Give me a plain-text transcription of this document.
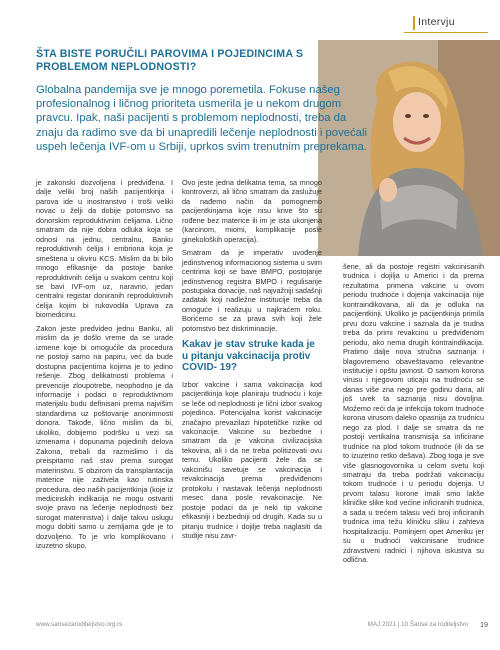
Intervju
ŠTA BISTE PORUČILI PAROVIMA I POJEDINCIMA S PROBLEMOM NEPLODNOSTI?
Globalna pandemija sve je mnogo poremetila. Fokuse našeg profesionalnog i ličnog prioriteta usmerila je u nekom drugom pravcu. Ipak, naši pacijenti s problemom neplodnosti, treba da znaju da radimo sve da bi unapredili lečenje neplodnosti i povećali uspeh lečenja IVF-om u Srbiji, uprkos svim trenutnim preprekama.

je zakonski dozvoljena i predviđena. I dalje veliki broj naših pacijentkinja i parova ide u inostranstvo i troši veliki novac u želji da dobije potomstvo sa donorskim reproduktivnim ćelijama. Lično smatram da nije dobra odluka koja se odnosi na jednu, centralnu, Banku reproduktivnih ćelija i embriona koja je smeštena u okviru KCS. Mislim da bi bilo mnogo efikasnije da postoje banke reproduktivnih ćelija u svakom centru koji se bavi IVF-om uz, naravno, jedan centralni registar doniranih reproduktivnih ćelija kojim bi rukovodila Uprava za biomedicinu.

Zakon jeste predvideo jednu Banku, ali mislim da je došlo vreme da se urade izmene koje bi omogućile da procedura ne postoji samo na papiru, već da bude dostupna pacijentima kojima je to jedino rešenje. Zbog delikatnosti problema i prevencije zloupotrebe, neophodno je da informacije i podaci o reproduktivnom materijalu budu definisani prema najvišim standardima uz poštovanje anonimnosti donora. Takođe, lično mislim da bi, ukoliko, dobijemo podršku u vezi sa izmenama i dopunama pojedinih delova Zakona, trebali da razmislimo i da preispitamo naš stav prema surogat materinstvu. S obzirom da transplantacija materice nije zaživela kao rutinska procedura, deo naših pacijentkinja (koje iz medicinskih indikacija ne mogu ostvariti svoje pravo na lečenje neplodnosti bez surogat materinstva) i dalje takvu uslugu mogu dobiti samo u zemljama gde je to dozvoljeno. To je vrlo komplikovano i izuzetno skupo.

Ovo jeste jedna delikatna tema, sa mnogo kontroverzi, ali lično smatram da zaslužuje da nađemo način da pomognemo pacijentkinjama koje nisu krive što su rođene bez materice ili im je ista ukonjena (karcinom, miomi, komplikacije posle ginekoloških operacija).

Smatram da je imperativ uvođenje jedinstvenog informacionog sistema u svim centrima koji se bave BMPO, postojanje jedinstvenog registra BMPO i regulisanje postupaka donacije, naš najvažniji sadašnji zadatak koji nadležne institucije treba da omoguće i realizuju u najkraćem roku. Borićemo se za prava svih koji žele potomstvo bez diskriminacije.

Kakav je stav struke kada je u pitanju vakcinacija protiv COVID- 19?

Izbor vakcine i sama vakcinacija kod pacijentkinja koje planiraju trudnoću i koje se leče od neplodnosti je lični izbor svakog pojedinca. Potencijalna korist vakcinacije značajno prevazilazi hipotetičke rizike od vakcinacije. Vakcine su bezbedne i smatram da je vakcina civilizacijska tekovina, ali i da ne treba politizovati ovu temu. Ukoliko pacijenti žele da se vakcinišu savetuje se vakcinacija i revakcinacija prema predviđenom protokolu i nastavak lečenja neplodnosti mesec dana posle revakcinacije. Ne postoje podaci da je neki tip vakcine efikasniji i bezbedniji od drugih. Kada su u pitanju trudnice i dojilje treba naglasiti da studije nisu zavr-

šene, ali da postoje registri vakcinisanih trudnica i dojilja u Americi i da prema rezultatima primena vakcine u ovom periodu trudnoće i dojenja vakcinacija nije kontraindikovana, ali da je odluka na pacijentkinji. Ukoliko je pacijentkinja primila prvu dozu vakcine i saznala da je trudna treba da primi revakcinu u predviđenom periodu, ako nema drugih kontraindikacija. Pratimo dalje nova stručna saznanja i blagovremeno obaveštavamo relevantne institucije i opštu javnost. O samom korona virusu i njegovom uticaju na trudnoću se danas više zna nego pre godinu dana, ali još uvek ta saznanja nisu dovoljna. Možemo reći da je infekcija tokom trudnoće korona virusom daleko opasnija za trudnicu nego za plod. I dalje se smatra da ne postoji vertikalna transmisija sa inficirane trudnice na plod tokom trudnoće (ili da se to izuzetno retko dešava). Zbog toga je sve više glasnogovornika u celom svetu koji smatraju da treba podržati vakcinaciju tokom trudnoće i u periodu dojenja. U prvom talasu korone imali smo lakše kliničke slike kod većine inficiranih trudnica, a sada u trećem talasu veći broj inficiranih trudnica ima težu kliničku sliku i zahteva hospitalizaciju. Pominjem opet Ameriku jer su u trudnoći vakcinisane trudnice zdravstveni radnici i njihova iskustva su odlična.

www.sansezaroditeljstvo.org.rs	MAJ 2021 | 10 Šanse za roditeljstvo 19
